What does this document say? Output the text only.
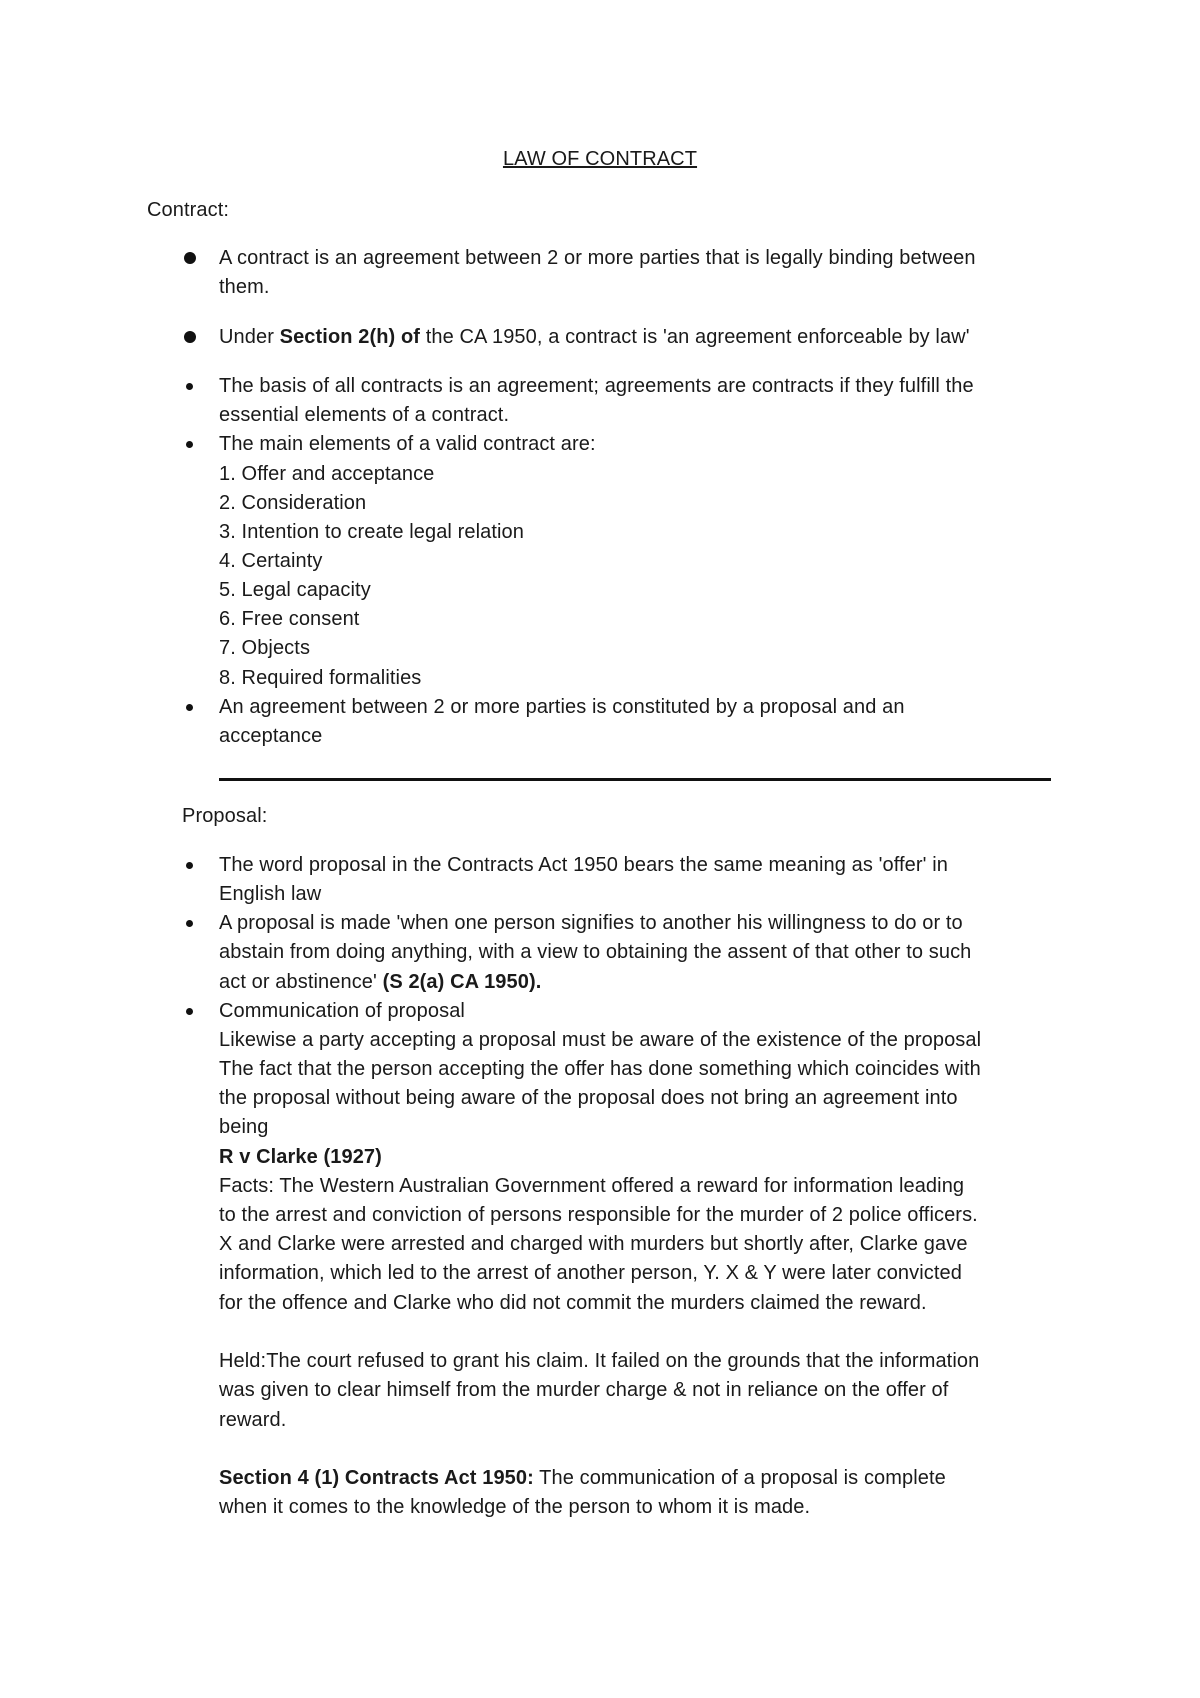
LAW OF CONTRACT
Contract:
A contract is an agreement between 2 or more parties that is legally binding between
them.
Under Section 2(h) of the CA 1950, a contract is 'an agreement enforceable by law'
The basis of all contracts is an agreement; agreements are contracts if they fulfill the
essential elements of a contract.
The main elements of a valid contract are:
1. Offer and acceptance
2. Consideration
3. Intention to create legal relation
4. Certainty
5. Legal capacity
6. Free consent
7. Objects
8. Required formalities
An agreement between 2 or more parties is constituted by a proposal and an
acceptance
Proposal:
The word proposal in the Contracts Act 1950 bears the same meaning as 'offer' in
English law
A proposal is made 'when one person signifies to another his willingness to do or to
abstain from doing anything, with a view to obtaining the assent of that other to such
act or abstinence' (S 2(a) CA 1950).
Communication of proposal
Likewise a party accepting a proposal must be aware of the existence of the proposal
The fact that the person accepting the offer has done something which coincides with
the proposal without being aware of the proposal does not bring an agreement into
being
R v Clarke (1927)
Facts: The Western Australian Government offered a reward for information leading
to the arrest and conviction of persons responsible for the murder of 2 police officers.
X and Clarke were arrested and charged with murders but shortly after, Clarke gave
information, which led to the arrest of another person, Y. X & Y were later convicted
for the offence and Clarke who did not commit the murders claimed the reward.
Held:The court refused to grant his claim. It failed on the grounds that the information
was given to clear himself from the murder charge & not in reliance on the offer of
reward.
Section 4 (1) Contracts Act 1950: The communication of a proposal is complete
when it comes to the knowledge of the person to whom it is made.
